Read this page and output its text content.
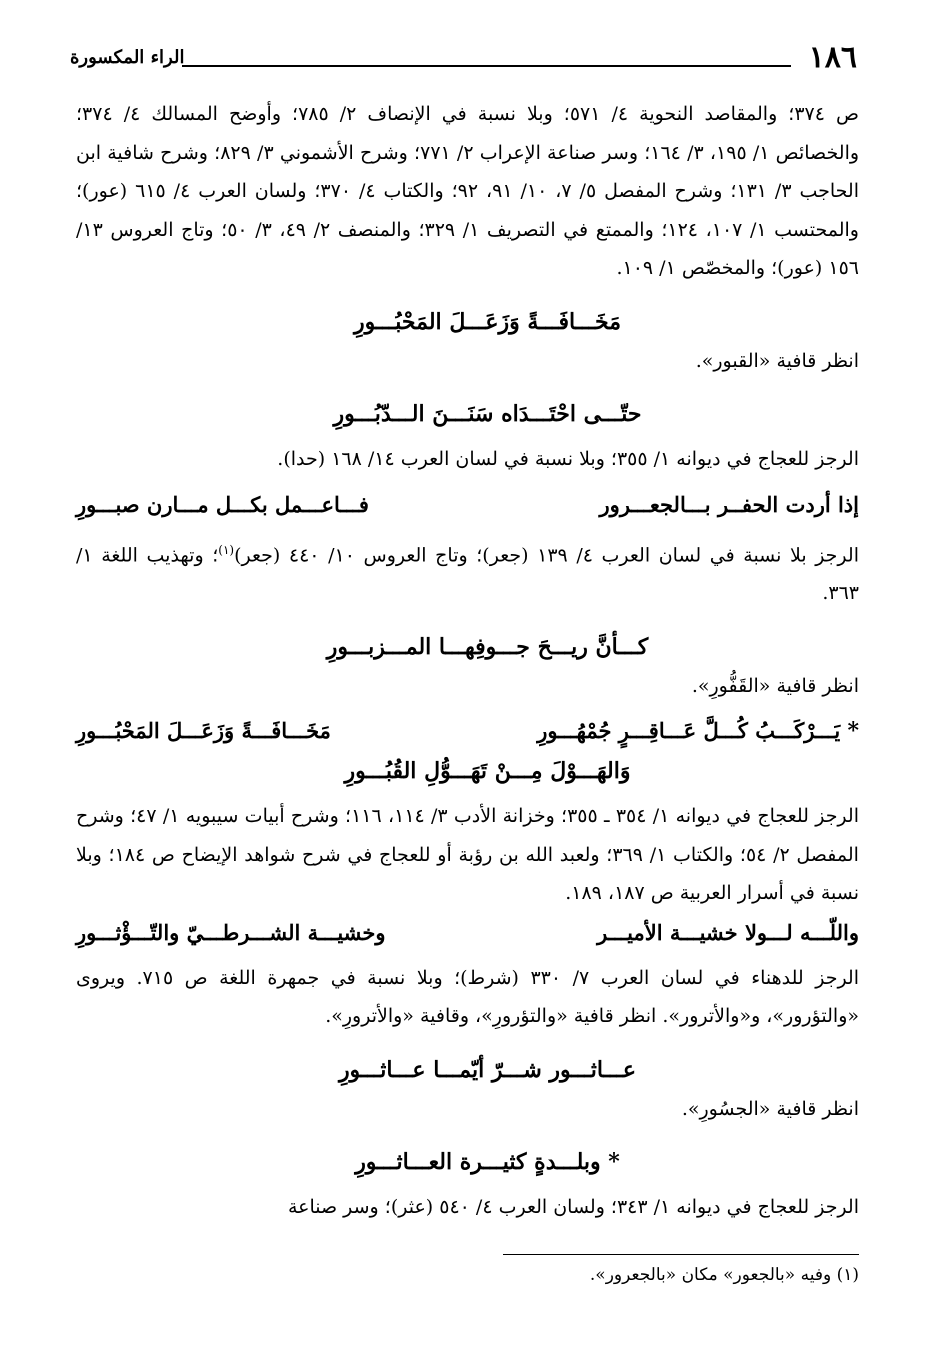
١٨٦
الراء المكسورة

ص ٣٧٤؛ والمقاصد النحوية ٤/ ٥٧١؛ وبلا نسبة في الإنصاف ٢/ ٧٨٥؛ وأوضح المسالك ٤/ ٣٧٤؛ والخصائص ١/ ١٩٥، ٣/ ١٦٤؛ وسر صناعة الإعراب ٢/ ٧٧١؛ وشرح الأشموني ٣/ ٨٢٩؛ وشرح شافية ابن الحاجب ٣/ ١٣١؛ وشرح المفصل ٥/ ٧، ١٠/ ٩١، ٩٢؛ والكتاب ٤/ ٣٧٠؛ ولسان العرب ٤/ ٦١٥ (عور)؛ والمحتسب ١/ ١٠٧، ١٢٤؛ والممتع في التصريف ١/ ٣٢٩؛ والمنصف ٢/ ٤٩، ٣/ ٥٠؛ وتاج العروس ١٣/ ١٥٦ (عور)؛ والمخصّص ١/ ١٠٩.

مَخَـــافَـــةً وَزَعَـــلَ المَحْبُـــورِ

انظر قافية «القبور».

حتّـــى احْتَـــدَاه سَنَـــنَ الـــدّبُـــورِ

الرجز للعجاج في ديوانه ١/ ٣٥٥؛ وبلا نسبة في لسان العرب ١٤/ ١٦٨ (حدا).

إذا أردت الحفــر بـــالجعـــرور
فـــاعـــمل بكـــل مـــارن صبـــورِ

الرجز بلا نسبة في لسان العرب ٤/ ١٣٩ (جعر)؛ وتاج العروس ١٠/ ٤٤٠ (جعر)$^{(١)}$؛ وتهذيب اللغة ١/ ٣٦٣.

كـــأنَّ ريـــحَ جـــوفِهـــا المـــزبـــورِ

انظر قافية «القَفُّورِ».

* يَـــرْكَـــبُ كُـــلَّ عَـــاقِـــرٍ جُمْهُـــورِ
مَخَـــافَـــةً وَزَعَـــلَ المَحْبُـــورِ

وَالهَـــوْلَ مِـــنْ تَهَـــوُّلِ القُبُـــورِ

الرجز للعجاج في ديوانه ١/ ٣٥٤ ـ ٣٥٥؛ وخزانة الأدب ٣/ ١١٤، ١١٦؛ وشرح أبيات سيبويه ١/ ٤٧؛ وشرح المفصل ٢/ ٥٤؛ والكتاب ١/ ٣٦٩؛ ولعبد الله بن رؤبة أو للعجاج في شرح شواهد الإيضاح ص ١٨٤؛ وبلا نسبة في أسرار العربية ص ١٨٧، ١٨٩.

واللّـــه لـــولا خشيـــة الأميـــر
وخشيـــة الشـــرطـــيّ والتّـــؤْثـــورِ

الرجز للدهناء في لسان العرب ٧/ ٣٣٠ (شرط)؛ وبلا نسبة في جمهرة اللغة ص ٧١٥. ويروى «والتؤرور»، و«والأترور». انظر قافية «والتؤرورِ»، وقافية «والأترورِ».

عـــاثـــور شـــرّ أيّمـــا عـــاثـــورِ

انظر قافية «الجسُورِ».

* وبلـــدةٍ كثيـــرة العـــاثـــورِ

الرجز للعجاج في ديوانه ١/ ٣٤٣؛ ولسان العرب ٤/ ٥٤٠ (عثر)؛ وسر صناعة

(١) وفيه «بالجعور» مكان «بالجعرور».
